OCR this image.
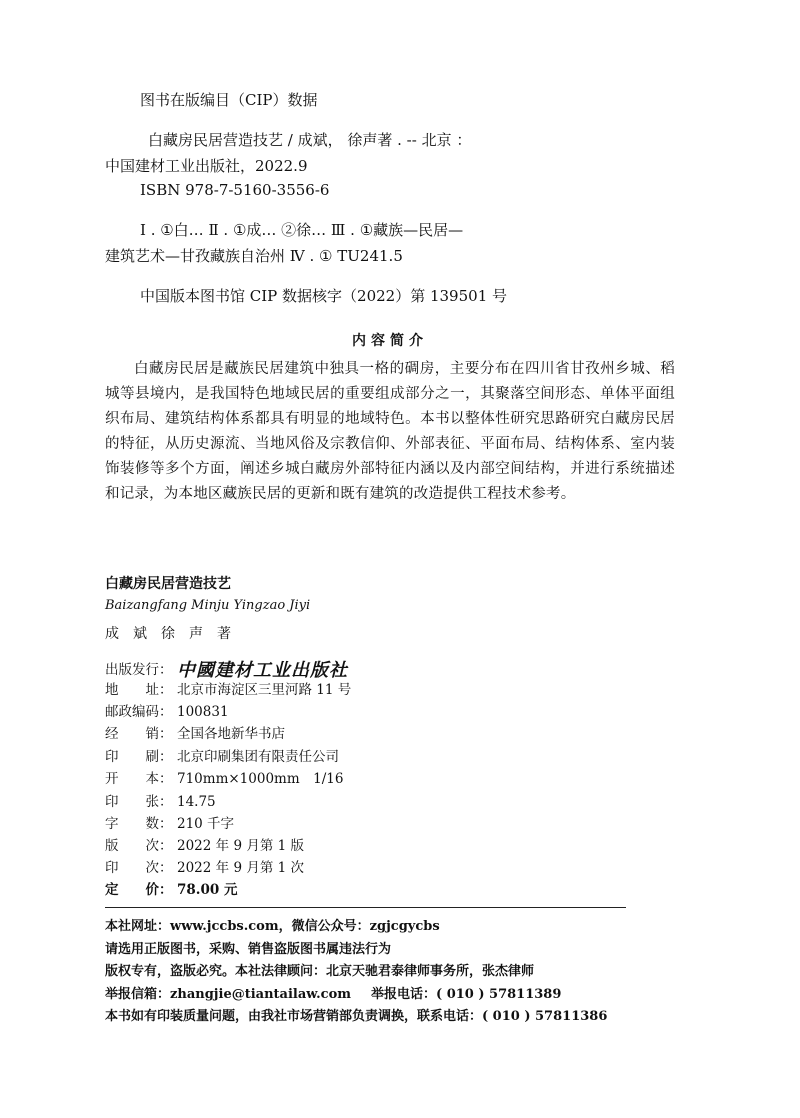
图书在版编目（CIP）数据
白藏房民居营造技艺 / 成斌， 徐声著 . -- 北京 ：
中国建材工业出版社，2022.9
ISBN 978-7-5160-3556-6
Ⅰ . ①白… Ⅱ . ①成… ②徐… Ⅲ . ①藏族—民居—
建筑艺术—甘孜藏族自治州 Ⅳ . ① TU241.5
中国版本图书馆 CIP 数据核字（2022）第 139501 号
内容简介
白藏房民居是藏族民居建筑中独具一格的碉房，主要分布在四川省甘孜州乡城、稻城等县境内，是我国特色地域民居的重要组成部分之一，其聚落空间形态、单体平面组织布局、建筑结构体系都具有明显的地域特色。本书以整体性研究思路研究白藏房民居的特征，从历史源流、当地风俗及宗教信仰、外部表征、平面布局、结构体系、室内装饰装修等多个方面，阐述乡城白藏房外部特征内涵以及内部空间结构，并进行系统描述和记录，为本地区藏族民居的更新和既有建筑的改造提供工程技术参考。
白藏房民居营造技艺
Baizangfang Minju Yingzao Jiyi
成　斌　徐　声　著
出版发行： 中國建材工业出版社
地　　址： 北京市海淀区三里河路 11 号
邮政编码： 100831
经　　销： 全国各地新华书店
印　　刷： 北京印刷集团有限责任公司
开　　本： 710mm×1000mm　1/16
印　　张： 14.75
字　　数： 210 千字
版　　次： 2022 年 9 月第 1 版
印　　次： 2022 年 9 月第 1 次
定　　价： 78.00 元
本社网址：www.jccbs.com，微信公众号：zgjcgycbs
请选用正版图书，采购、销售盗版图书属违法行为
版权专有，盗版必究。本社法律顾问：北京天驰君泰律师事务所，张杰律师
举报信箱：zhangjie@tiantailaw.com 举报电话：( 010 ) 57811389
本书如有印装质量问题，由我社市场营销部负责调换，联系电话：( 010 ) 57811386
